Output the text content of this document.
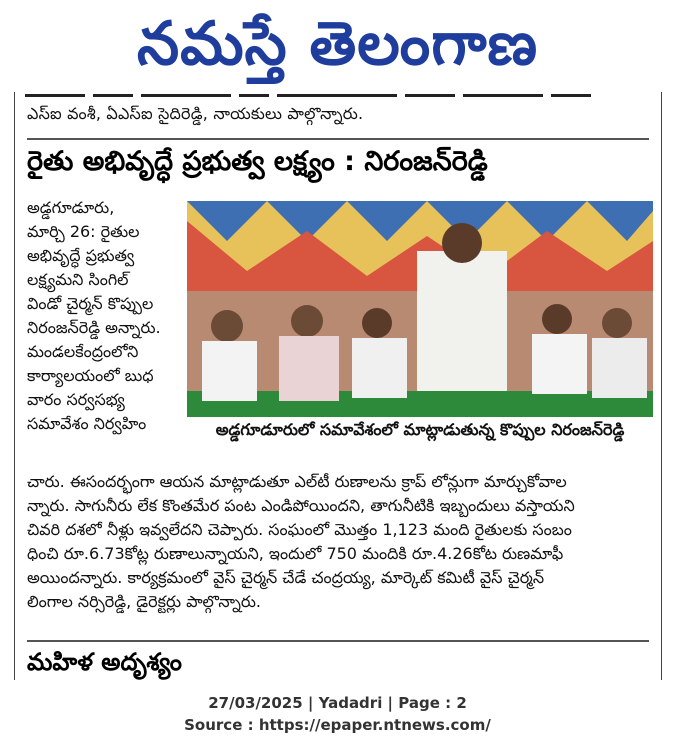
నమస్తే తెలంగాణ
ఎస్ఐ వంశీ, ఏఎస్ఐ సైదిరెడ్డి, నాయకులు పాల్గొన్నారు.
రైతు అభివృద్ధే ప్రభుత్వ లక్ష్యం : నిరంజన్‌రెడ్డి
అడ్డగూడూరు,
మార్చి 26: రైతుల
అభివృద్ధే ప్రభుత్వ
లక్ష్యమని సింగిల్
విండో చైర్మన్ కొప్పుల
నిరంజన్‌రెడ్డి అన్నారు.
మండలకేంద్రంలోని
కార్యాలయంలో బుధ
వారం సర్వసభ్య
సమావేశం నిర్వహిం	అడ్డగూడూరులో సమావేశంలో మాట్లాడుతున్న కొప్పుల నిరంజన్‌రెడ్డి
చారు. ఈసందర్భంగా ఆయన మాట్లాడుతూ ఎల్‌టీ రుణాలను క్రాప్ లోన్లుగా మార్చుకోవాల
న్నారు. సాగునీరు లేక కొంతమేర పంట ఎండిపోయిందని, తాగునీటికి ఇబ్బందులు వస్తాయని
చివరి దశలో నీళ్లు ఇవ్వలేదని చెప్పారు. సంఘంలో మొత్తం 1,123 మంది రైతులకు సంబం
ధించి రూ.6.73కోట్ల రుణాలున్నాయని, ఇందులో 750 మందికి రూ.4.26కోట రుణమాఫీ
అయిందన్నారు. కార్యక్రమంలో వైస్ చైర్మన్ చేడే చంద్రయ్య, మార్కెట్ కమిటీ వైస్ చైర్మన్
లింగాల నర్సిరెడ్డి, డైరెక్టర్లు పాల్గొన్నారు.
మహిళ అదృశ్యం
27/03/2025 | Yadadri | Page : 2
Source : https://epaper.ntnews.com/
